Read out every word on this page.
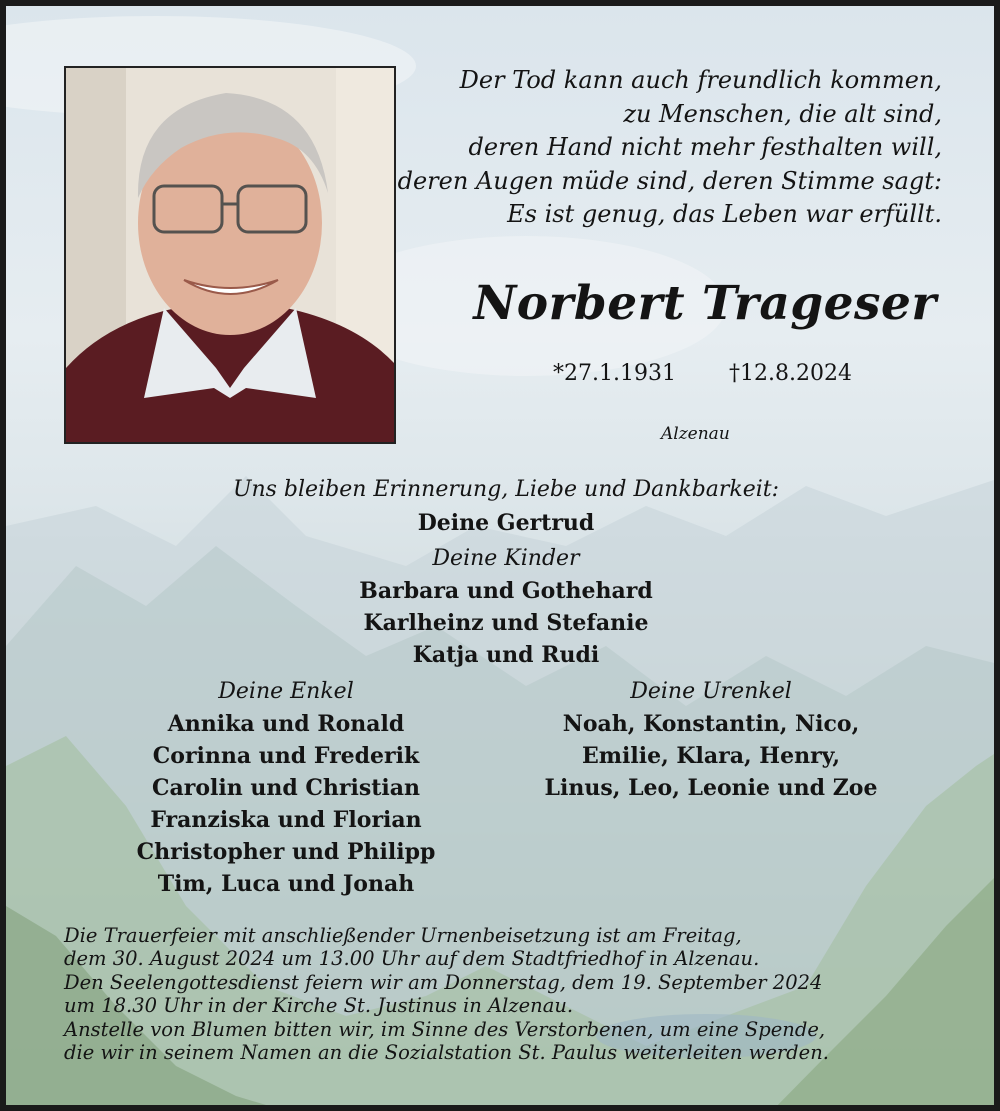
Der Tod kann auch freundlich kommen,
zu Menschen, die alt sind,
deren Hand nicht mehr festhalten will,
deren Augen müde sind, deren Stimme sagt:
Es ist genug, das Leben war erfüllt.
Norbert Trageser
*27.1.1931 †12.8.2024
Alzenau
Uns bleiben Erinnerung, Liebe und Dankbarkeit:
Deine Gertrud
Deine Kinder
Barbara und Gothehard
Karlheinz und Stefanie
Katja und Rudi
Deine Enkel
Annika und Ronald
Corinna und Frederik
Carolin und Christian
Franziska und Florian
Christopher und Philipp
Tim, Luca und Jonah
Deine Urenkel
Noah, Konstantin, Nico,
Emilie, Klara, Henry,
Linus, Leo, Leonie und Zoe
Die Trauerfeier mit anschließender Urnenbeisetzung ist am Freitag,
dem 30. August 2024 um 13.00 Uhr auf dem Stadtfriedhof in Alzenau.
Den Seelengottesdienst feiern wir am Donnerstag, dem 19. September 2024
um 18.30 Uhr in der Kirche St. Justinus in Alzenau.
Anstelle von Blumen bitten wir, im Sinne des Verstorbenen, um eine Spende,
die wir in seinem Namen an die Sozialstation St. Paulus weiterleiten werden.
